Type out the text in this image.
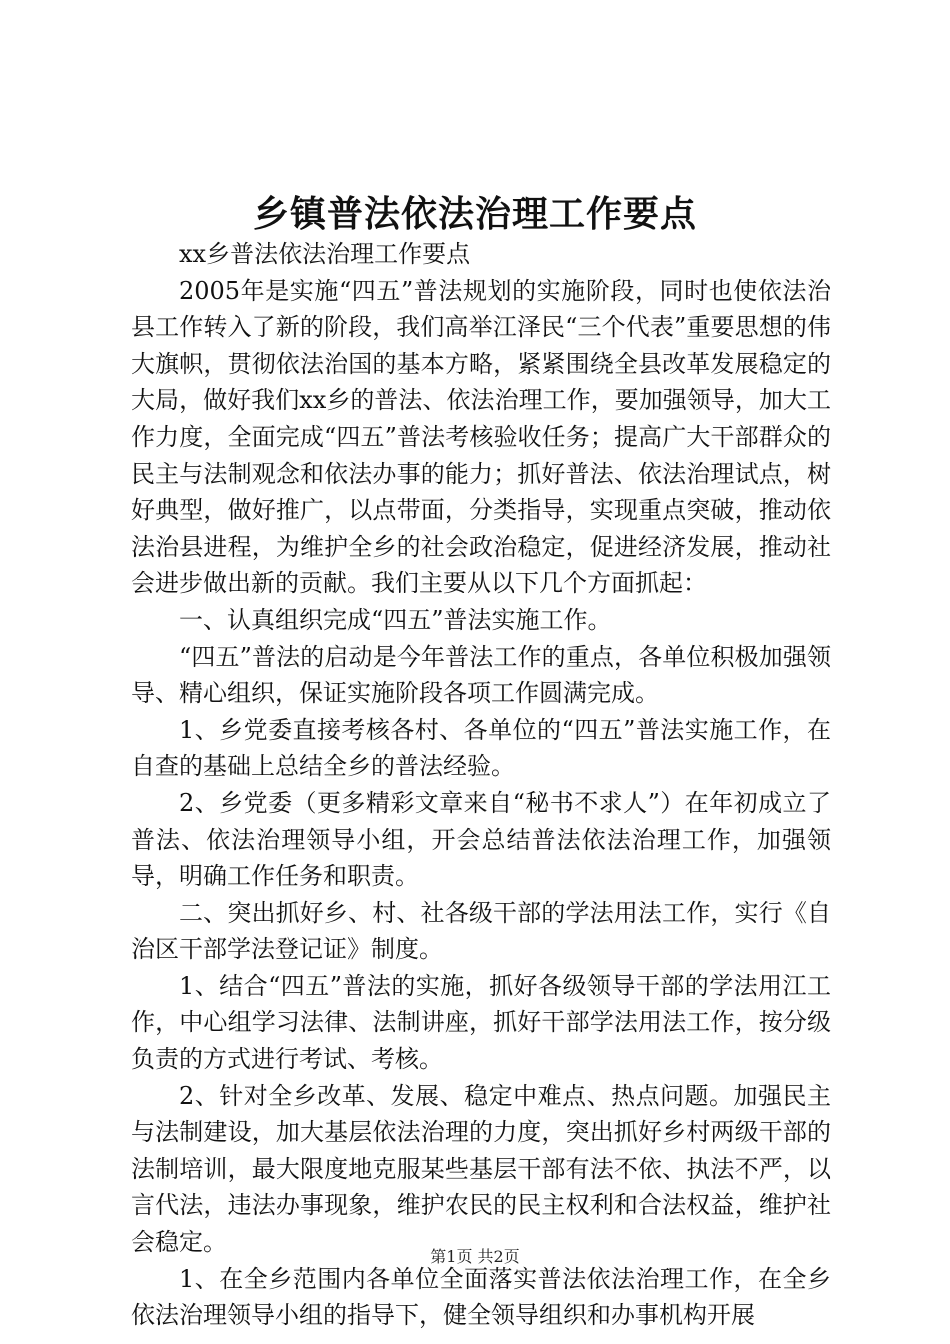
乡镇普法依法治理工作要点

xx乡普法依法治理工作要点

2005年是实施“四五”普法规划的实施阶段，同时也使依法治县工作转入了新的阶段，我们高举江泽民“三个代表”重要思想的伟大旗帜，贯彻依法治国的基本方略，紧紧围绕全县改革发展稳定的大局，做好我们xx乡的普法、依法治理工作，要加强领导，加大工作力度，全面完成“四五”普法考核验收任务；提高广大干部群众的民主与法制观念和依法办事的能力；抓好普法、依法治理试点，树好典型，做好推广，以点带面，分类指导，实现重点突破，推动依法治县进程，为维护全乡的社会政治稳定，促进经济发展，推动社会进步做出新的贡献。我们主要从以下几个方面抓起：

一、认真组织完成“四五”普法实施工作。

“四五”普法的启动是今年普法工作的重点，各单位积极加强领导、精心组织，保证实施阶段各项工作圆满完成。

1、乡党委直接考核各村、各单位的“四五”普法实施工作，在自查的基础上总结全乡的普法经验。

2、乡党委（更多精彩文章来自“秘书不求人”）在年初成立了普法、依法治理领导小组，开会总结普法依法治理工作，加强领导，明确工作任务和职责。

二、突出抓好乡、村、社各级干部的学法用法工作，实行《自治区干部学法登记证》制度。

1、结合“四五”普法的实施，抓好各级领导干部的学法用江工作，中心组学习法律、法制讲座，抓好干部学法用法工作，按分级负责的方式进行考试、考核。

2、针对全乡改革、发展、稳定中难点、热点问题。加强民主与法制建设，加大基层依法治理的力度，突出抓好乡村两级干部的法制培训，最大限度地克服某些基层干部有法不依、执法不严，以言代法，违法办事现象，维护农民的民主权利和合法权益，维护社会稳定。

1、在全乡范围内各单位全面落实普法依法治理工作，在全乡依法治理领导小组的指导下，健全领导组织和办事机构开展

第1页 共2页
